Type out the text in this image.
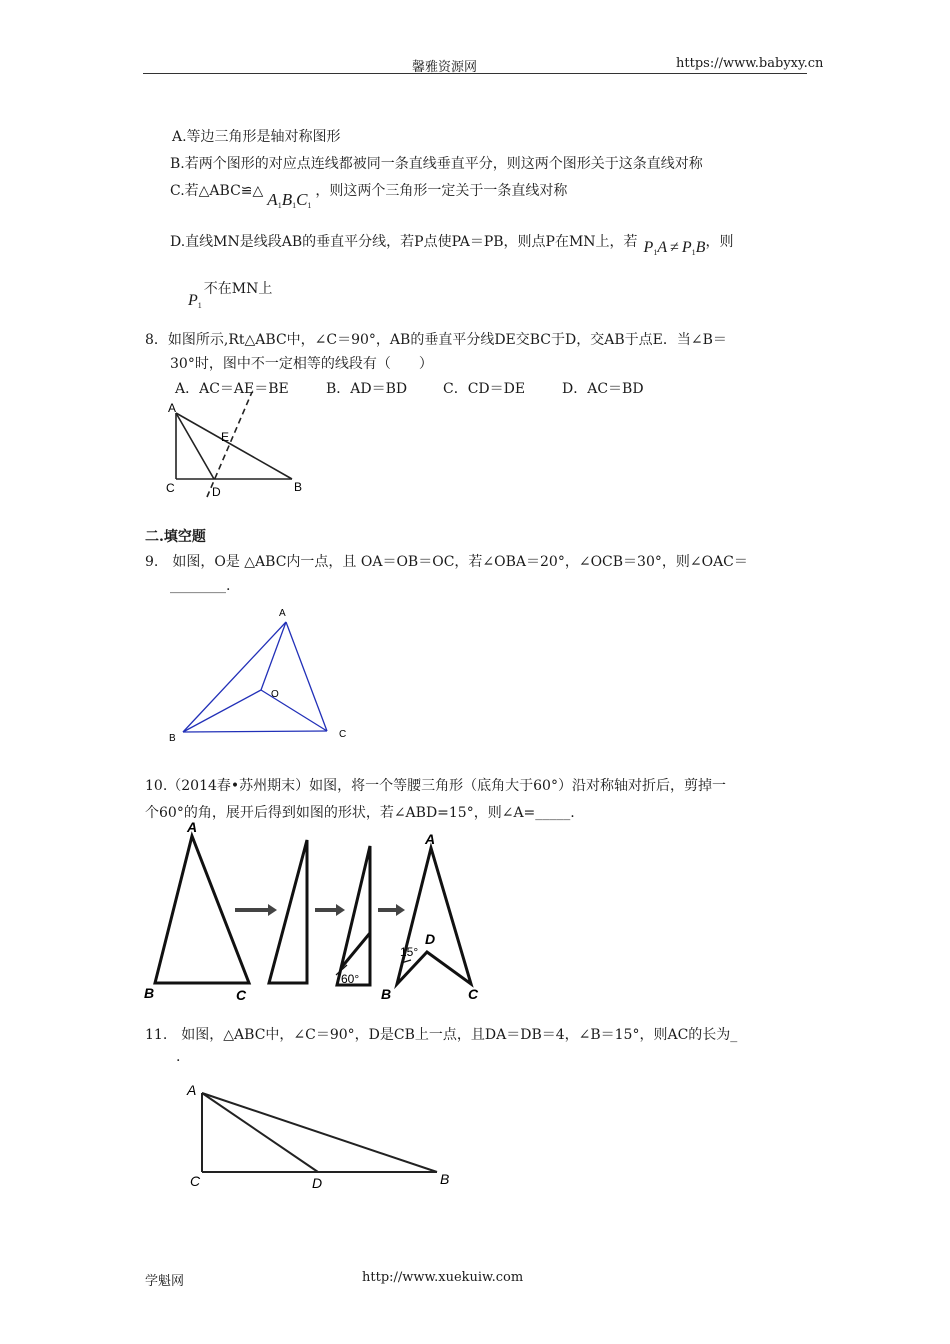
馨雅资源网	https://www.babyxy.cn
A.等边三角形是轴对称图形
B.若两个图形的对应点连线都被同一条直线垂直平分，则这两个图形关于这条直线对称
C.若△ABC≌△ $A_1B_1C_1$，则这两个三角形一定关于一条直线对称
D.直线MN是线段AB的垂直平分线，若P点使PA＝PB，则点P在MN上，若 $P_1A \ne P_1B$，则
$P_1$不在MN上
8．如图所示,Rt△ABC中，∠C＝90°，AB的垂直平分线DE交BC于D，交AB于点E．当∠B＝
30°时，图中不一定相等的线段有（　　）
A．AC＝AE＝BE	B．AD＝BD	C．CD＝DE	D．AC＝BD
A
E
C	D	B
二.填空题
9.　如图，O是 △ABC内一点，且 OA＝OB＝OC，若∠OBA＝20°，∠OCB＝30°，则∠OAC＝
________.
A
B	C
O
10.（2014春•苏州期末）如图，将一个等腰三角形（底角大于60°）沿对称轴对折后，剪掉一
个60°的角，展开后得到如图的形状，若∠ABD=15°，则∠A=_____.
A
B	C
60°
A
D
15°
B	C
11.　如图，△ABC中，∠C＝90°，D是CB上一点，且DA＝DB＝4，∠B＝15°，则AC的长为_
.
A
C	D	B
学魁网	http://www.xuekuiw.com
